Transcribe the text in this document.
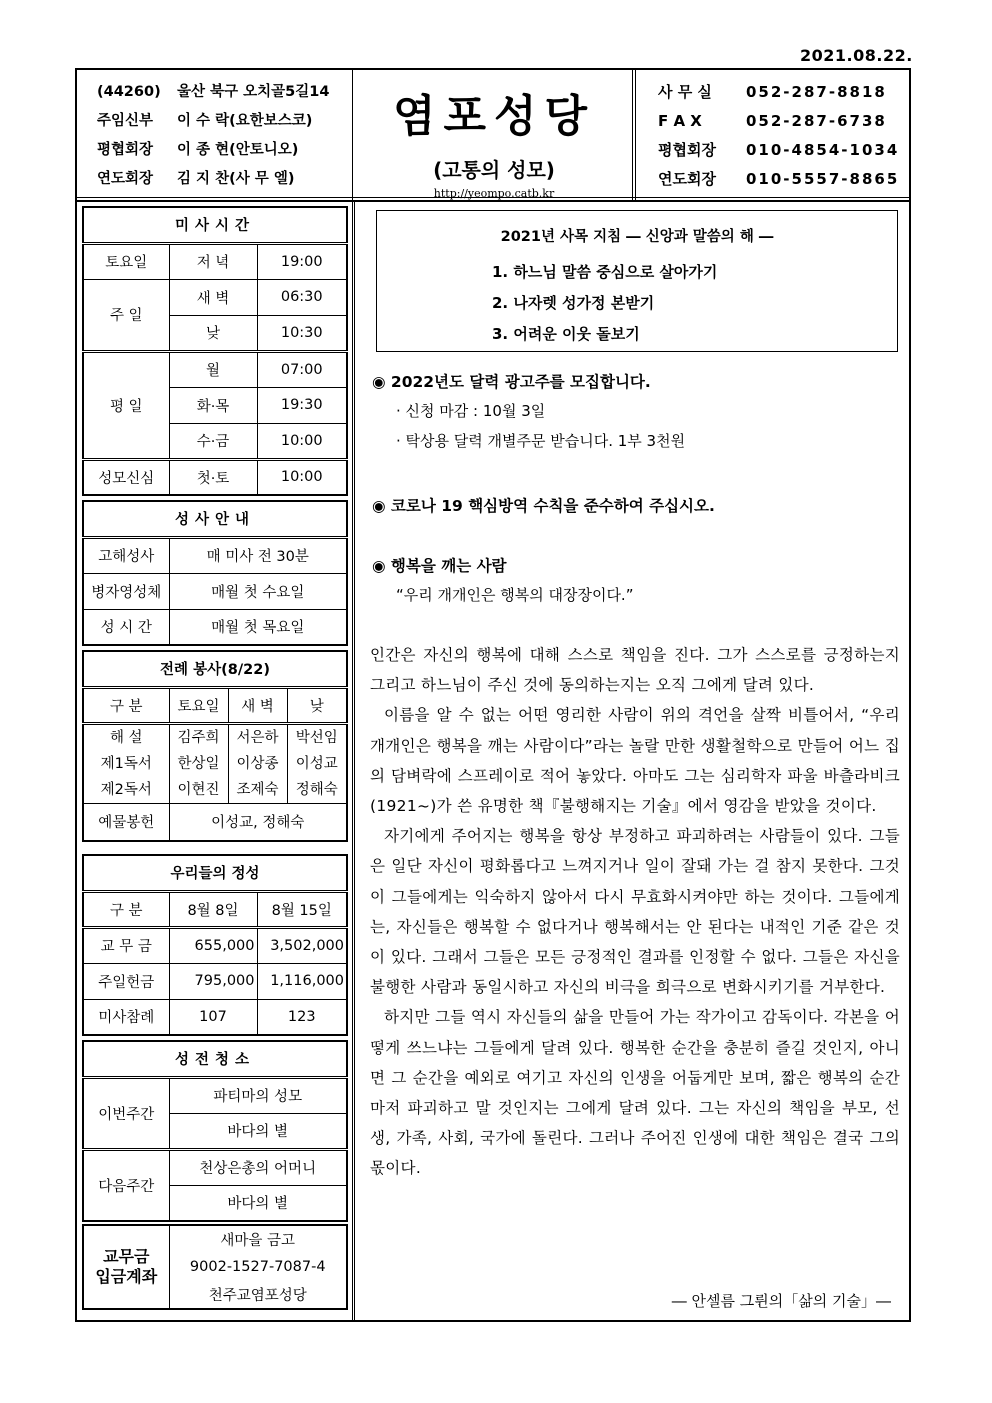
2021.08.22.
(44260) 울산 북구 오치골5길14
주임신부 이 수 락(요한보스코)
평협회장 이 종 현(안토니오)
연도회장 김 지 찬(사 무 엘)
염포성당
(고통의 성모)
http://yeompo.catb.kr
사 무 실 052-287-8818
F A X	052-287-6738
평협회장 010-4854-1034
연도회장 010-5557-8865
미사시간		
토요일	저 녁	19:00
주 일	새 벽	06:30
	낮	10:30
평 일	월	07:00
	화·목	19:30
	수·금	10:00
성모신심	첫·토	10:00
성사안내	
고해성사	매 미사 전 30분
병자영성체	매월 첫 수요일
성 시 간	매월 첫 목요일
전례 봉사(8/22)			
구 분	토요일	새 벽	낮
해 설	김주희	서은하	박선임
제1독서	한상일	이상종	이성교
제2독서	이현진	조제숙	정해숙
예물봉헌	이성교, 정해숙		
우리들의 정성		
구 분	8월 8일	8월 15일
교 무 금	655,000	3,502,000
주일헌금	795,000	1,116,000
미사참례	107	123
성전청소	
이번주간	파티마의 성모
	바다의 별
다음주간	천상은총의 어머니
	바다의 별
교무금
입금계좌	새마을 금고
9002-1527-7087-4
천주교염포성당
2021년 사목 지침 ― 신앙과 말씀의 해 ―
1. 하느님 말씀 중심으로 살아가기
2. 나자렛 성가정 본받기
3. 어려운 이웃 돌보기
◉ 2022년도 달력 광고주를 모집합니다.
· 신청 마감 : 10월 3일
· 탁상용 달력 개별주문 받습니다. 1부 3천원
◉ 코로나 19 핵심방역 수칙을 준수하여 주십시오.
◉ 행복을 깨는 사람
“우리 개개인은 행복의 대장장이다.”

인간은 자신의 행복에 대해 스스로 책임을 진다. 그가 스스로를 긍정하는지 그리고 하느님이 주신 것에 동의하는지는 오직 그에게 달려 있다.

이름을 알 수 없는 어떤 영리한 사람이 위의 격언을 살짝 비틀어서, “우리 개개인은 행복을 깨는 사람이다”라는 놀랄 만한 생활철학으로 만들어 어느 집의 담벼락에 스프레이로 적어 놓았다. 아마도 그는 심리학자 파울 바츨라비크(1921~)가 쓴 유명한 책『불행해지는 기술』에서 영감을 받았을 것이다.

자기에게 주어지는 행복을 항상 부정하고 파괴하려는 사람들이 있다. 그들은 일단 자신이 평화롭다고 느껴지거나 일이 잘돼 가는 걸 참지 못한다. 그것이 그들에게는 익숙하지 않아서 다시 무효화시켜야만 하는 것이다. 그들에게는, 자신들은 행복할 수 없다거나 행복해서는 안 된다는 내적인 기준 같은 것이 있다. 그래서 그들은 모든 긍정적인 결과를 인정할 수 없다. 그들은 자신을 불행한 사람과 동일시하고 자신의 비극을 희극으로 변화시키기를 거부한다.

하지만 그들 역시 자신들의 삶을 만들어 가는 작가이고 감독이다. 각본을 어떻게 쓰느냐는 그들에게 달려 있다. 행복한 순간을 충분히 즐길 것인지, 아니면 그 순간을 예외로 여기고 자신의 인생을 어둡게만 보며, 짧은 행복의 순간마저 파괴하고 말 것인지는 그에게 달려 있다. 그는 자신의 책임을 부모, 선생, 가족, 사회, 국가에 돌린다. 그러나 주어진 인생에 대한 책임은 결국 그의 몫이다.

― 안셀름 그륀의「삶의 기술」―
